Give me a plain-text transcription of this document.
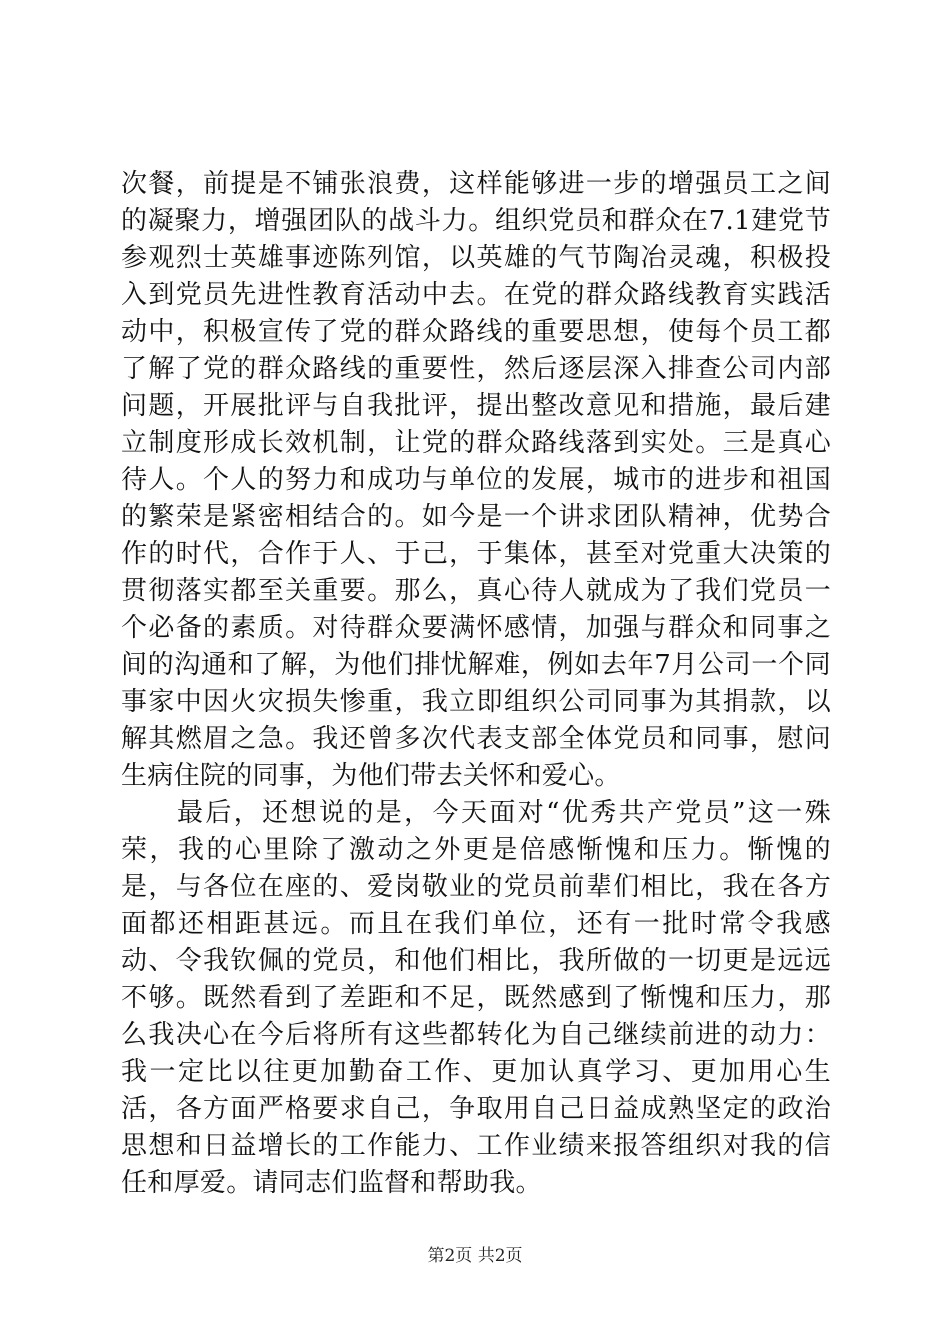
次餐，前提是不铺张浪费，这样能够进一步的增强员工之间的凝聚力，增强团队的战斗力。组织党员和群众在7.1建党节参观烈士英雄事迹陈列馆，以英雄的气节陶冶灵魂，积极投入到党员先进性教育活动中去。在党的群众路线教育实践活动中，积极宣传了党的群众路线的重要思想，使每个员工都了解了党的群众路线的重要性，然后逐层深入排查公司内部问题，开展批评与自我批评，提出整改意见和措施，最后建立制度形成长效机制，让党的群众路线落到实处。三是真心待人。个人的努力和成功与单位的发展，城市的进步和祖国的繁荣是紧密相结合的。如今是一个讲求团队精神，优势合作的时代，合作于人、于己，于集体，甚至对党重大决策的贯彻落实都至关重要。那么，真心待人就成为了我们党员一个必备的素质。对待群众要满怀感情，加强与群众和同事之间的沟通和了解，为他们排忧解难，例如去年7月公司一个同事家中因火灾损失惨重，我立即组织公司同事为其捐款，以解其燃眉之急。我还曾多次代表支部全体党员和同事，慰问生病住院的同事，为他们带去关怀和爱心。

最后，还想说的是，今天面对“优秀共产党员”这一殊荣，我的心里除了激动之外更是倍感惭愧和压力。惭愧的是，与各位在座的、爱岗敬业的党员前辈们相比，我在各方面都还相距甚远。而且在我们单位，还有一批时常令我感动、令我钦佩的党员，和他们相比，我所做的一切更是远远不够。既然看到了差距和不足，既然感到了惭愧和压力，那么我决心在今后将所有这些都转化为自己继续前进的动力：我一定比以往更加勤奋工作、更加认真学习、更加用心生活，各方面严格要求自己，争取用自己日益成熟坚定的政治思想和日益增长的工作能力、工作业绩来报答组织对我的信任和厚爱。请同志们监督和帮助我。

第2页 共2页
